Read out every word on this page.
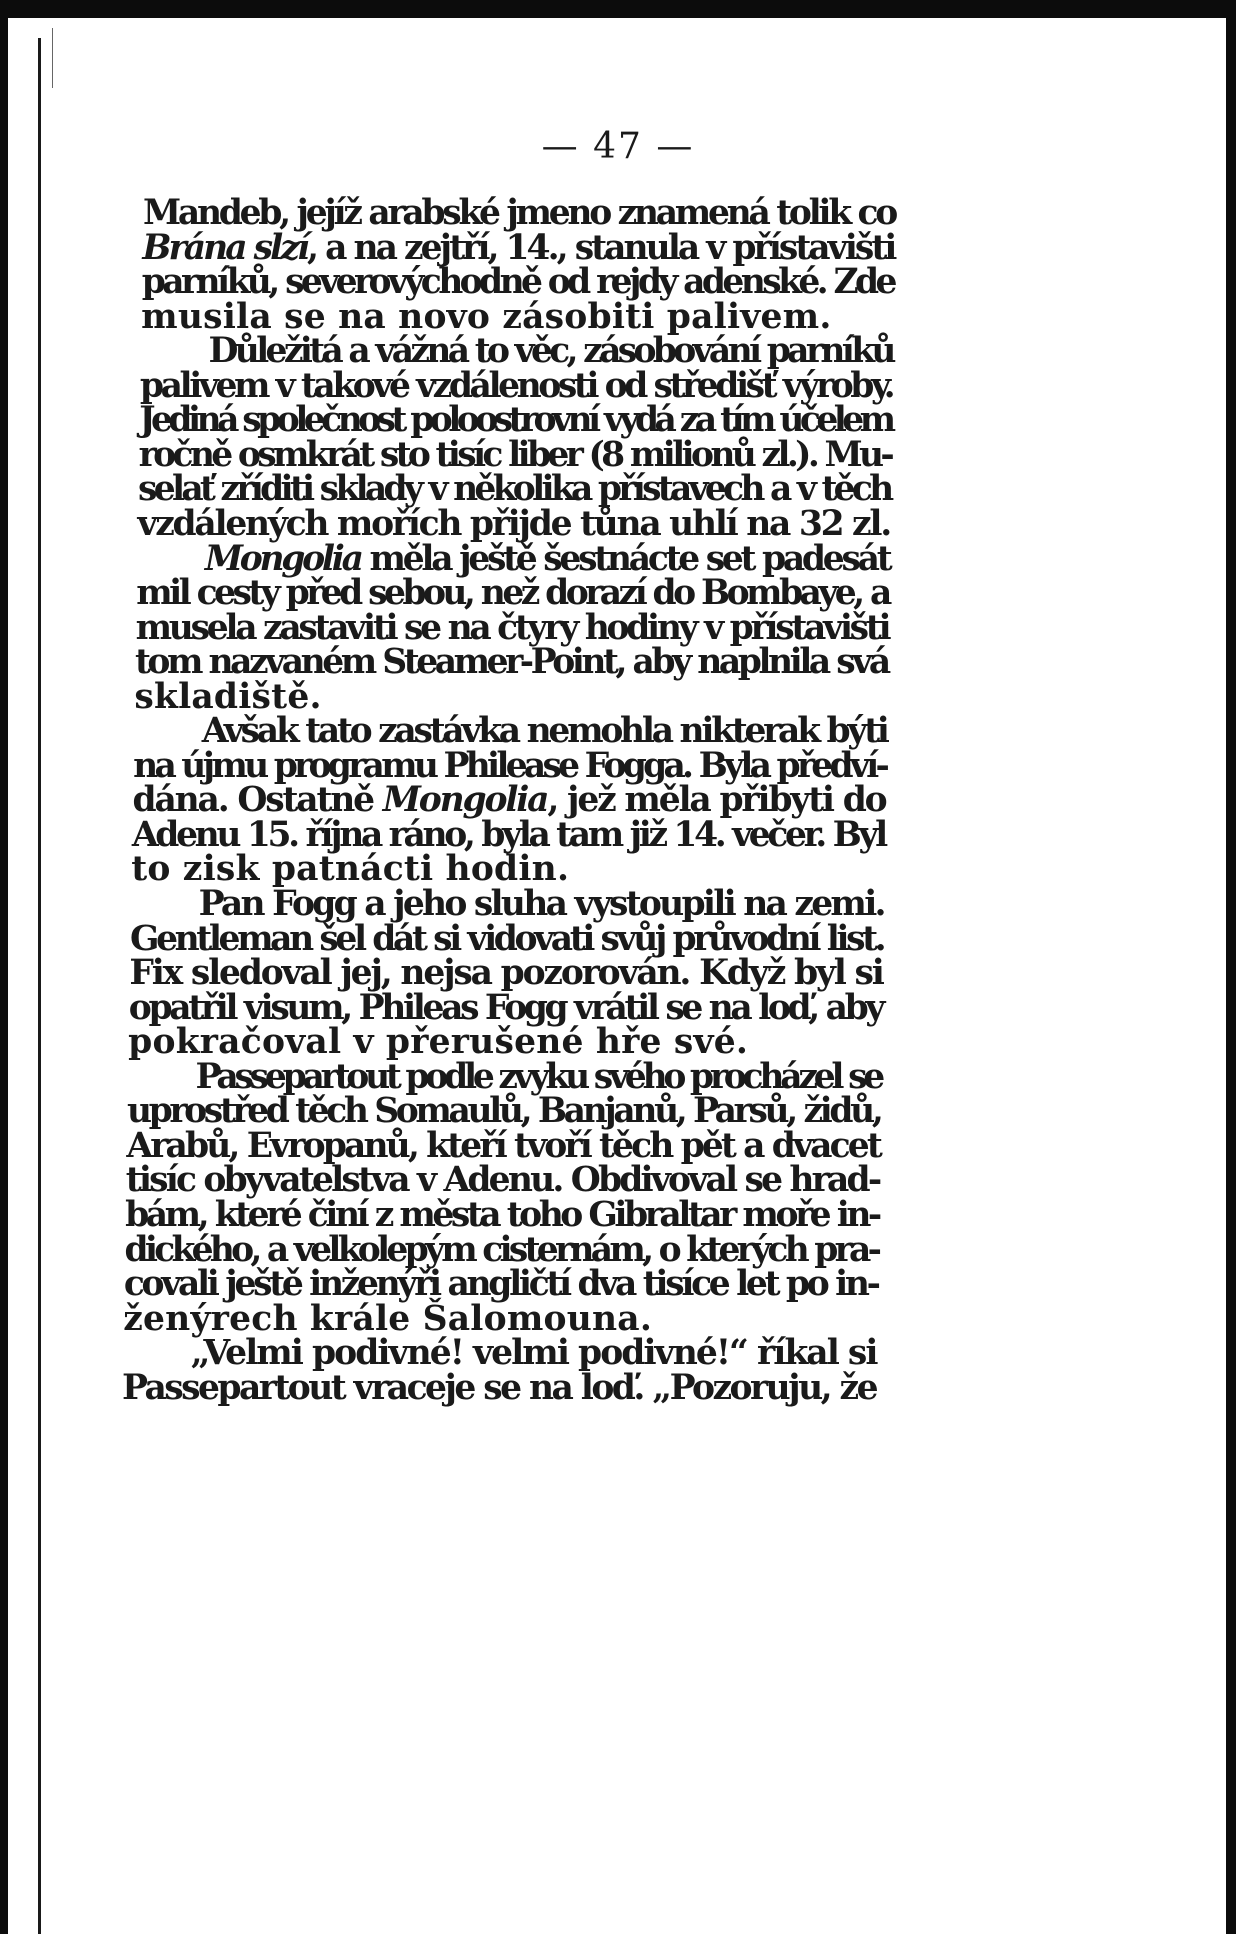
— 47 —
Mandeb, jejíž arabské jmeno znamená tolik co
Brána slzí, a na zejtří, 14., stanula v přístavišti
parníků, severovýchodně od rejdy adenské. Zde
musila se na novo zásobiti palivem.
Důležitá a vážná to věc, zásobování parníků
palivem v takové vzdálenosti od středišť výroby.
Jediná společnost poloostrovní vydá za tím účelem
ročně osmkrát sto tisíc liber (8 milionů zl.). Mu-
selať zříditi sklady v několika přístavech a v těch
vzdálených mořích přijde tůna uhlí na 32 zl.
Mongolia měla ještě šestnácte set padesát
mil cesty před sebou, než dorazí do Bombaye, a
musela zastaviti se na čtyry hodiny v přístavišti
tom nazvaném Steamer-Point, aby naplnila svá
skladiště.
Avšak tato zastávka nemohla nikterak býti
na újmu programu Philease Fogga. Byla předví-
dána. Ostatně Mongolia, jež měla přibyti do
Adenu 15. října ráno, byla tam již 14. večer. Byl
to zisk patnácti hodin.
Pan Fogg a jeho sluha vystoupili na zemi.
Gentleman šel dát si vidovati svůj průvodní list.
Fix sledoval jej, nejsa pozorován. Když byl si
opatřil visum, Phileas Fogg vrátil se na loď, aby
pokračoval v přerušené hře své.
Passepartout podle zvyku svého procházel se
uprostřed těch Somaulů, Banjanů, Parsů, židů,
Arabů, Evropanů, kteří tvoří těch pět a dvacet
tisíc obyvatelstva v Adenu. Obdivoval se hrad-
bám, které činí z města toho Gibraltar moře in-
dického, a velkolepým cisternám, o kterých pra-
covali ještě inženýři angličtí dva tisíce let po in-
ženýrech krále Šalomouna.
„Velmi podivné! velmi podivné!“ říkal si
Passepartout vraceje se na loď. „Pozoruju, že
